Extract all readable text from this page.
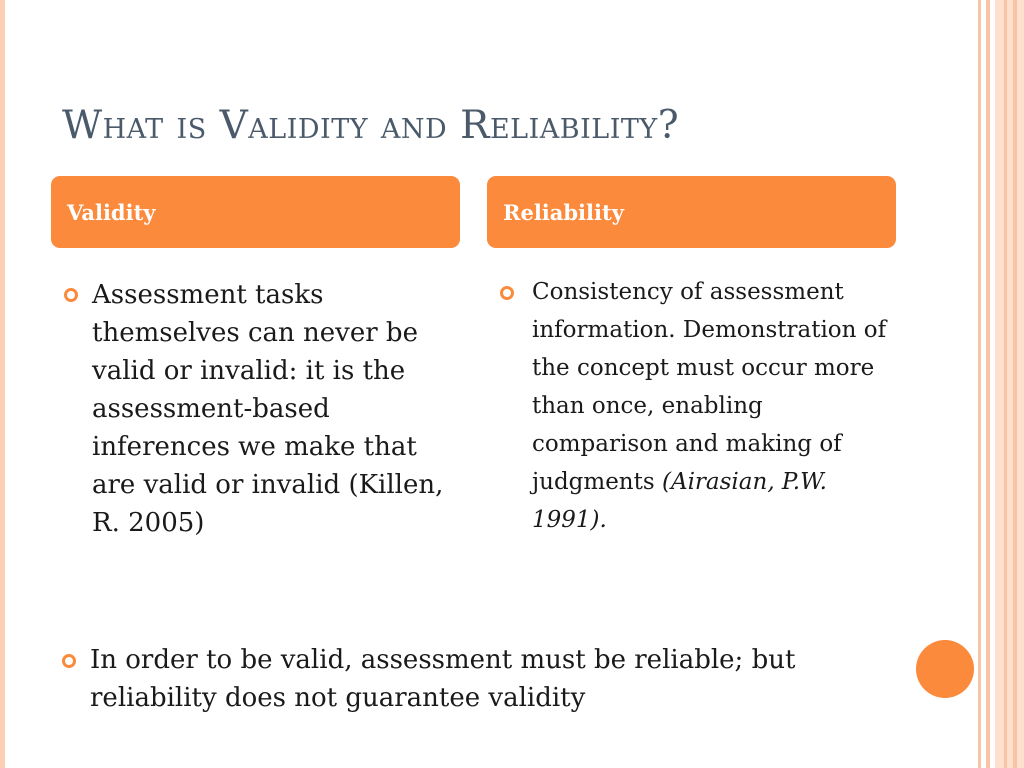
What is Validity and Reliability?
Validity	Reliability
Assessment tasks themselves can never be valid or invalid: it is the assessment-based inferences we make that are valid or invalid (Killen, R. 2005)
Consistency of assessment information. Demonstration of the concept must occur more than once, enabling comparison and making of judgments (Airasian, P.W. 1991).
In order to be valid, assessment must be reliable; but reliability does not guarantee validity
